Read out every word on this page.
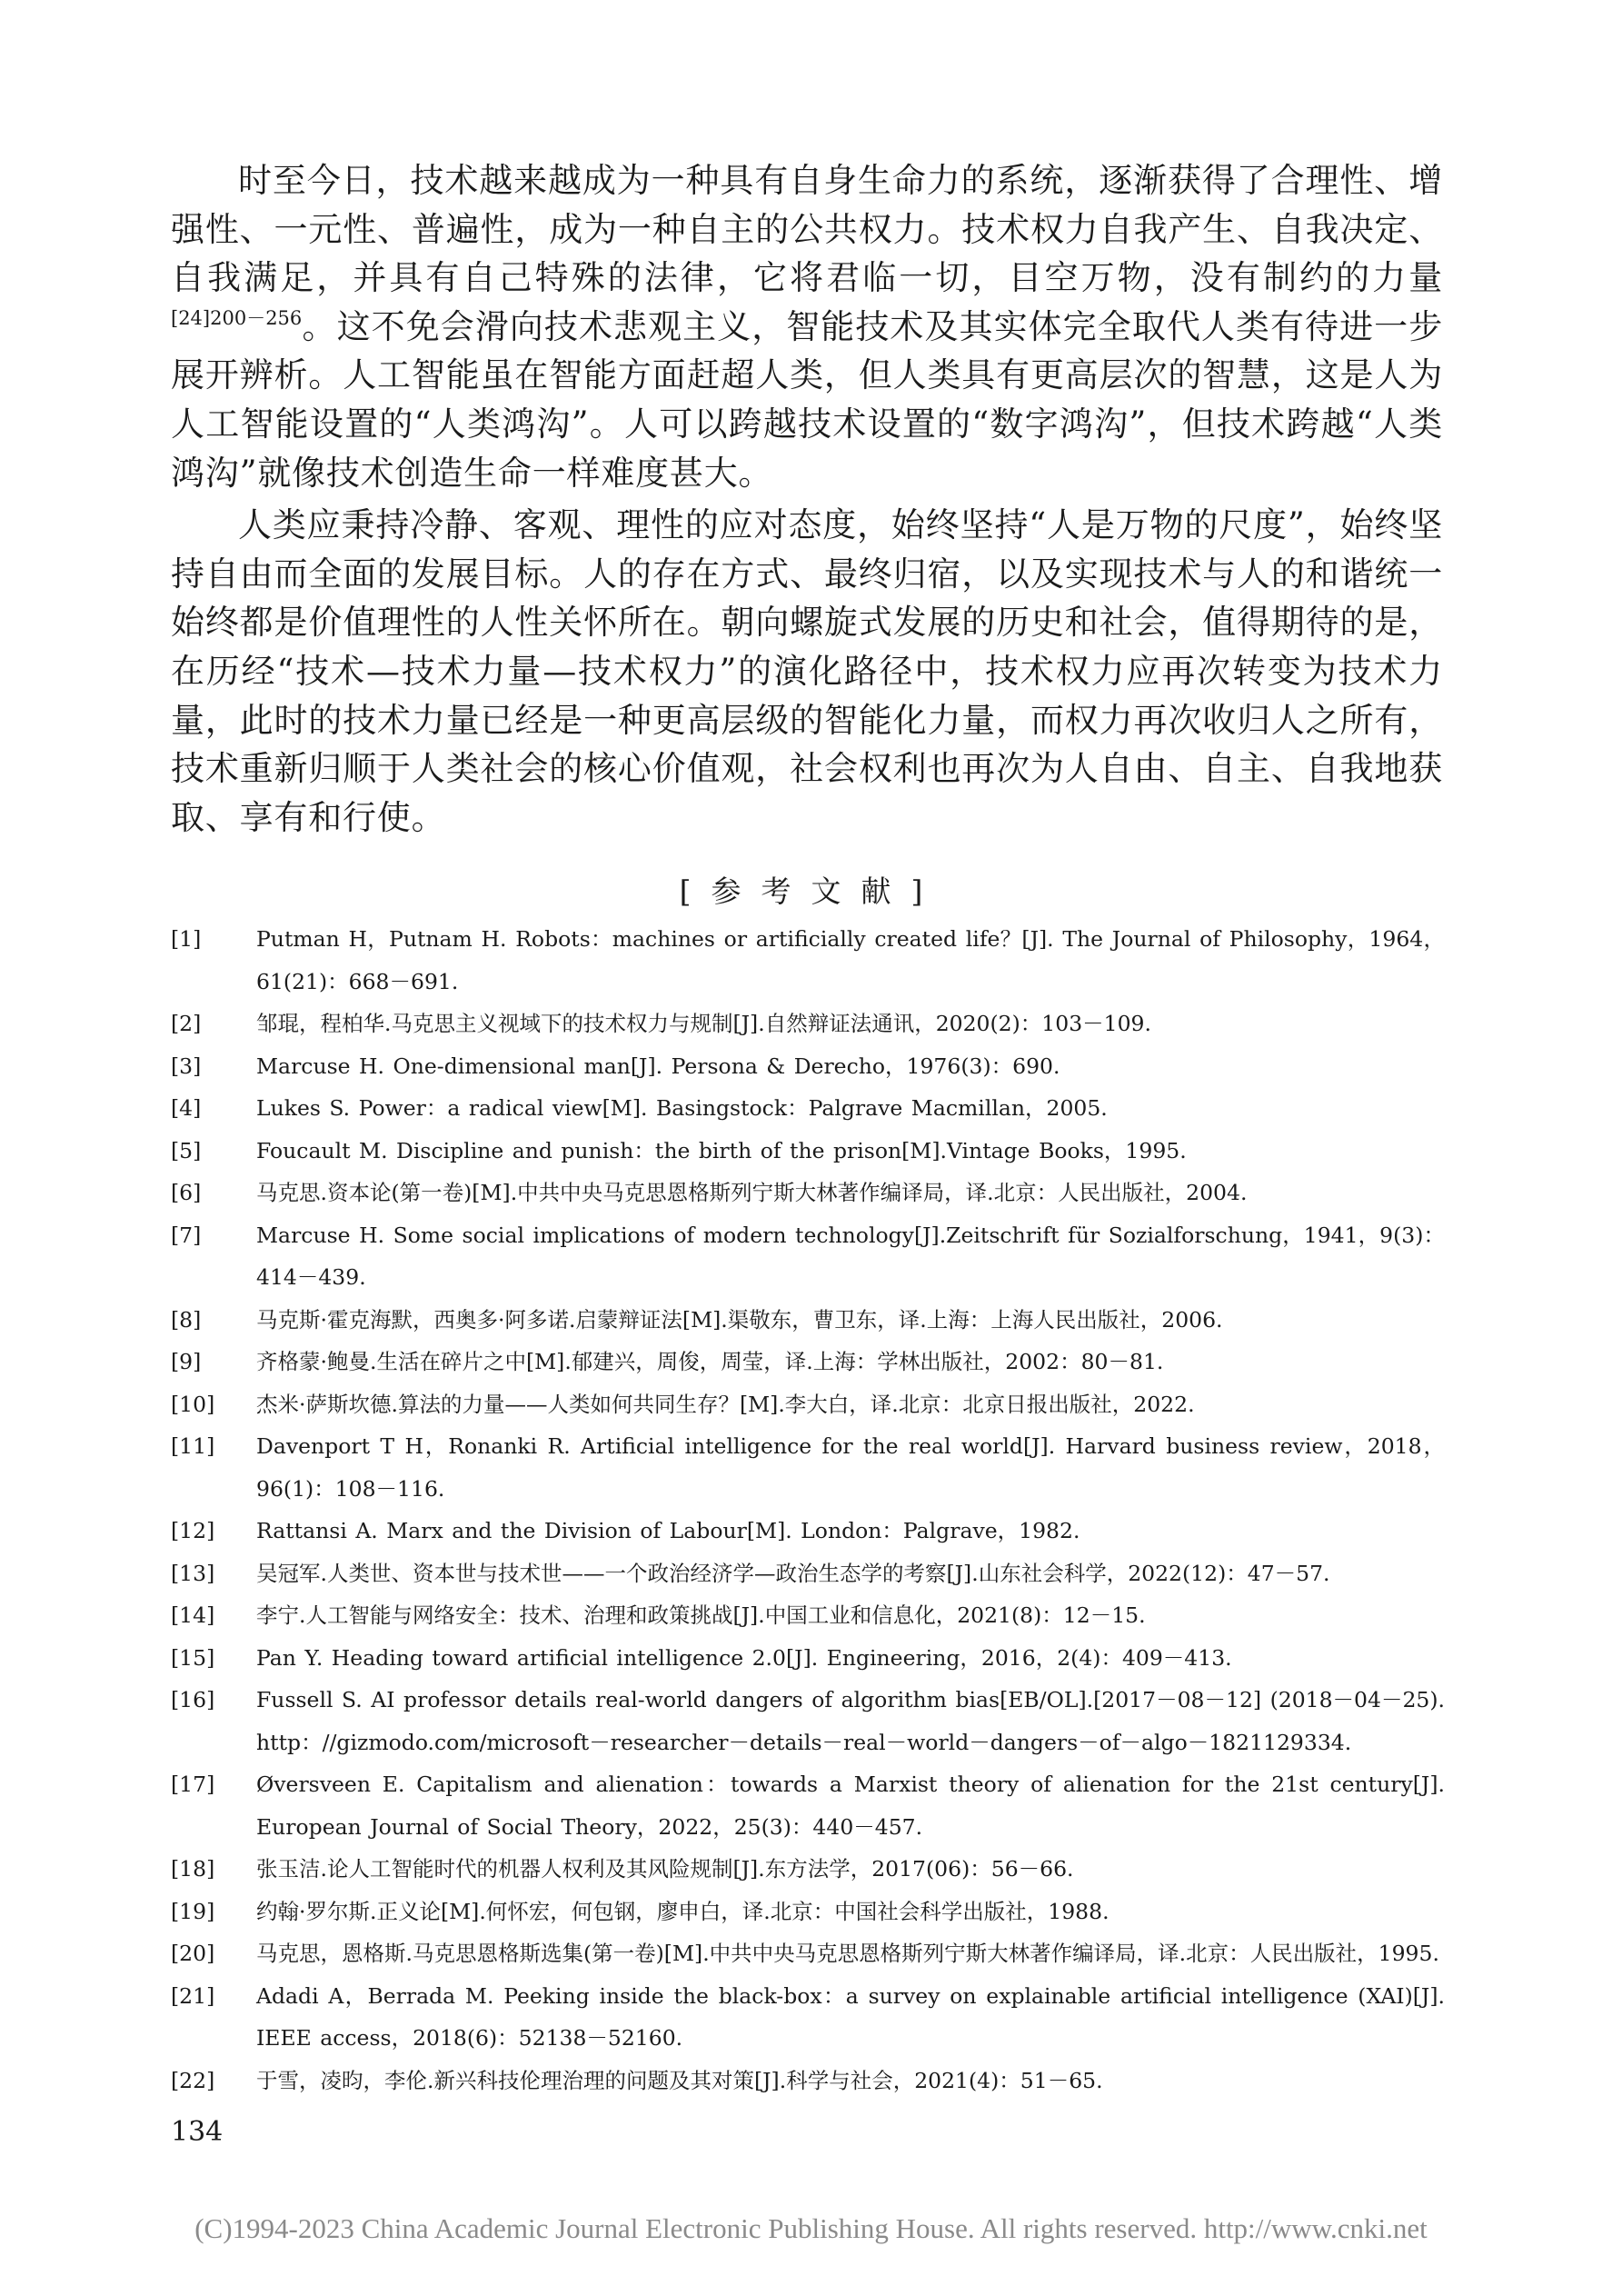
时至今日，技术越来越成为一种具有自身生命力的系统，逐渐获得了合理性、增强性、一元性、普遍性，成为一种自主的公共权力。技术权力自我产生、自我决定、自我满足，并具有自己特殊的法律，它将君临一切，目空万物，没有制约的力量$^{[24]200-256}$。这不免会滑向技术悲观主义，智能技术及其实体完全取代人类有待进一步展开辨析。人工智能虽在智能方面赶超人类，但人类具有更高层次的智慧，这是人为人工智能设置的“人类鸿沟”。人可以跨越技术设置的“数字鸿沟”，但技术跨越“人类鸿沟”就像技术创造生命一样难度甚大。

人类应秉持冷静、客观、理性的应对态度，始终坚持“人是万物的尺度”，始终坚持自由而全面的发展目标。人的存在方式、最终归宿，以及实现技术与人的和谐统一始终都是价值理性的人性关怀所在。朝向螺旋式发展的历史和社会，值得期待的是，在历经“技术—技术力量—技术权力”的演化路径中，技术权力应再次转变为技术力量，此时的技术力量已经是一种更高层级的智能化力量，而权力再次收归人之所有，技术重新归顺于人类社会的核心价值观，社会权利也再次为人自由、自主、自我地获取、享有和行使。

[参考文献]
[1]	Putman H，Putnam H. Robots：machines or artificially created life？[J]. The Journal of Philosophy，1964，61(21)：668－691.
[2]	邹琨，程柏华.马克思主义视域下的技术权力与规制[J].自然辩证法通讯，2020(2)：103－109.
[3]	Marcuse H. One-dimensional man[J]. Persona & Derecho，1976(3)：690.
[4]	Lukes S. Power：a radical view[M]. Basingstock：Palgrave Macmillan，2005.
[5]	Foucault M. Discipline and punish：the birth of the prison[M].Vintage Books，1995.
[6]	马克思.资本论(第一卷)[M].中共中央马克思恩格斯列宁斯大林著作编译局，译.北京：人民出版社，2004.
[7]	Marcuse H. Some social implications of modern technology[J].Zeitschrift für Sozialforschung，1941，9(3)：414－439.
[8]	马克斯·霍克海默，西奥多·阿多诺.启蒙辩证法[M].渠敬东，曹卫东，译.上海：上海人民出版社，2006.
[9]	齐格蒙·鲍曼.生活在碎片之中[M].郁建兴，周俊，周莹，译.上海：学林出版社，2002：80－81.
[10] 杰米·萨斯坎德.算法的力量——人类如何共同生存？[M].李大白，译.北京：北京日报出版社，2022.
[11] Davenport T H，Ronanki R. Artificial intelligence for the real world[J]. Harvard business review，2018，96(1)：108－116.
[12] Rattansi A. Marx and the Division of Labour[M]. London：Palgrave，1982.
[13] 吴冠军.人类世、资本世与技术世——一个政治经济学—政治生态学的考察[J].山东社会科学，2022(12)：47－57.
[14] 李宁.人工智能与网络安全：技术、治理和政策挑战[J].中国工业和信息化，2021(8)：12－15.
[15] Pan Y. Heading toward artificial intelligence 2.0[J]. Engineering，2016，2(4)：409－413.
[16] Fussell S. AI professor details real-world dangers of algorithm bias[EB/OL].[2017－08－12] (2018－04－25). http：//gizmodo.com/microsoft－researcher－details－real－world－dangers－of－algo－1821129334.
[17] Øversveen E. Capitalism and alienation：towards a Marxist theory of alienation for the 21st century[J]. European Journal of Social Theory，2022，25(3)：440－457.
[18] 张玉洁.论人工智能时代的机器人权利及其风险规制[J].东方法学，2017(06)：56－66.
[19] 约翰·罗尔斯.正义论[M].何怀宏，何包钢，廖申白，译.北京：中国社会科学出版社，1988.
[20] 马克思，恩格斯.马克思恩格斯选集(第一卷)[M].中共中央马克思恩格斯列宁斯大林著作编译局，译.北京：人民出版社，1995.
[21] Adadi A，Berrada M. Peeking inside the black-box：a survey on explainable artificial intelligence (XAI)[J]. IEEE access，2018(6)：52138－52160.
[22] 于雪，凌昀，李伦.新兴科技伦理治理的问题及其对策[J].科学与社会，2021(4)：51－65.
134
(C)1994-2023 China Academic Journal Electronic Publishing House. All rights reserved. http://www.cnki.net
